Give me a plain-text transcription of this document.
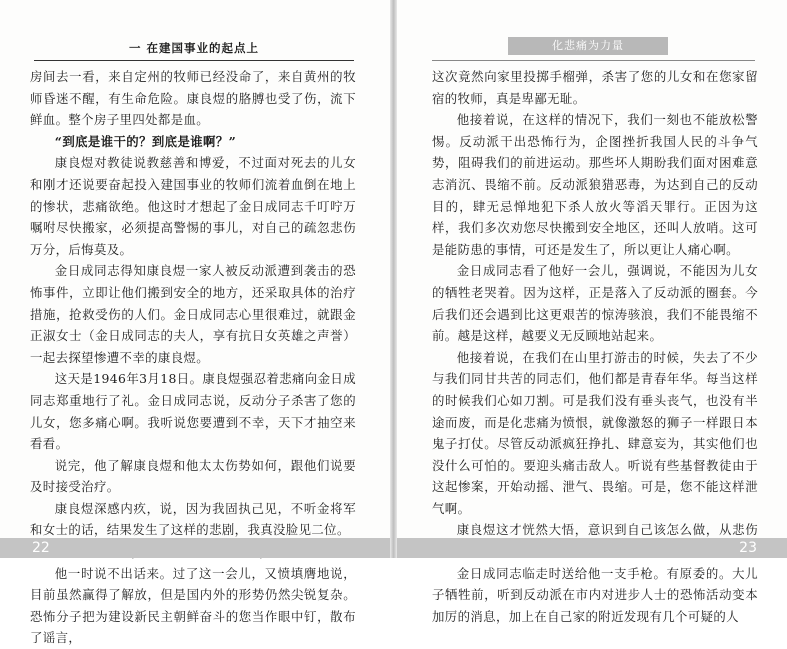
一 在建国事业的起点上	化悲痛为力量

房间去一看，来自定州的牧师已经没命了，来自黄州的牧师昏迷不醒，有生命危险。康良煜的胳膊也受了伤，流下鲜血。整个房子里四处都是血。

“到底是谁干的？到底是谁啊？”

康良煜对教徒说教慈善和博爱，不过面对死去的儿女和刚才还说要奋起投入建国事业的牧师们流着血倒在地上的惨状，悲痛欲绝。他这时才想起了金日成同志千叮咛万嘱咐尽快搬家，必须提高警惕的事儿，对自己的疏忽悲伤万分，后悔莫及。

金日成同志得知康良煜一家人被反动派遭到袭击的恐怖事件，立即让他们搬到安全的地方，还采取具体的治疗措施，抢救受伤的人们。金日成同志心里很难过，就跟金正淑女士（金日成同志的夫人，享有抗日女英雄之声誉）一起去探望惨遭不幸的康良煜。

这天是1946年3月18日。康良煜强忍着悲痛向金日成同志郑重地行了礼。金日成同志说，反动分子杀害了您的儿女，您多痛心啊。我听说您要遭到不幸，天下才抽空来看看。

说完，他了解康良煜和他太太伤势如何，跟他们说要及时接受治疗。

康良煜深感内疚，说，因为我固执己见，不听金将军和女士的话，结果发生了这样的悲剧，我真没脸见二位。

他一时说不出话来。过了这一会儿，又愤填膺地说，目前虽然赢得了解放，但是国内外的形势仍然尖锐复杂。恐怖分子把为建设新民主朝鲜奋斗的您当作眼中钉，散布了谣言，

这次竟然向家里投掷手榴弹，杀害了您的儿女和在您家留宿的牧师，真是卑鄙无耻。

他接着说，在这样的情况下，我们一刻也不能放松警惕。反动派干出恐怖行为，企图挫折我国人民的斗争气势，阻碍我们的前进运动。那些坏人期盼我们面对困难意志消沉、畏缩不前。反动派狼猎恶毒，为达到自己的反动目的，肆无忌惮地犯下杀人放火等滔天罪行。正因为这样，我们多次劝您尽快搬到安全地区，还叫人放哨。这可是能防患的事情，可还是发生了，所以更让人痛心啊。

金日成同志看了他好一会儿，强调说，不能因为儿女的牺牲老哭着。因为这样，正是落入了反动派的圈套。今后我们还会遇到比这更艰苦的惊涛骇浪，我们不能畏缩不前。越是这样，越要义无反顾地站起来。

他接着说，在我们在山里打游击的时候，失去了不少与我们同甘共苦的同志们，他们都是青春年华。每当这样的时候我们心如刀割。可是我们没有垂头丧气，也没有半途而废，而是化悲痛为愤恨，就像激怒的狮子一样跟日本鬼子打仗。尽管反动派疯狂挣扎、肆意妄为，其实他们也没什么可怕的。要迎头痛击敌人。听说有些基督教徒由于这起惨案，开始动摇、泄气、畏缩。可是，您不能这样泄气啊。

康良煜这才恍然大悟，意识到自己该怎么做，从悲伤

金日成同志临走时送给他一支手枪。有原委的。大儿子牺牲前，听到反动派在市内对进步人士的恐怖活动变本加厉的消息，加上在自己家的附近发现有几个可疑的人

22	23
